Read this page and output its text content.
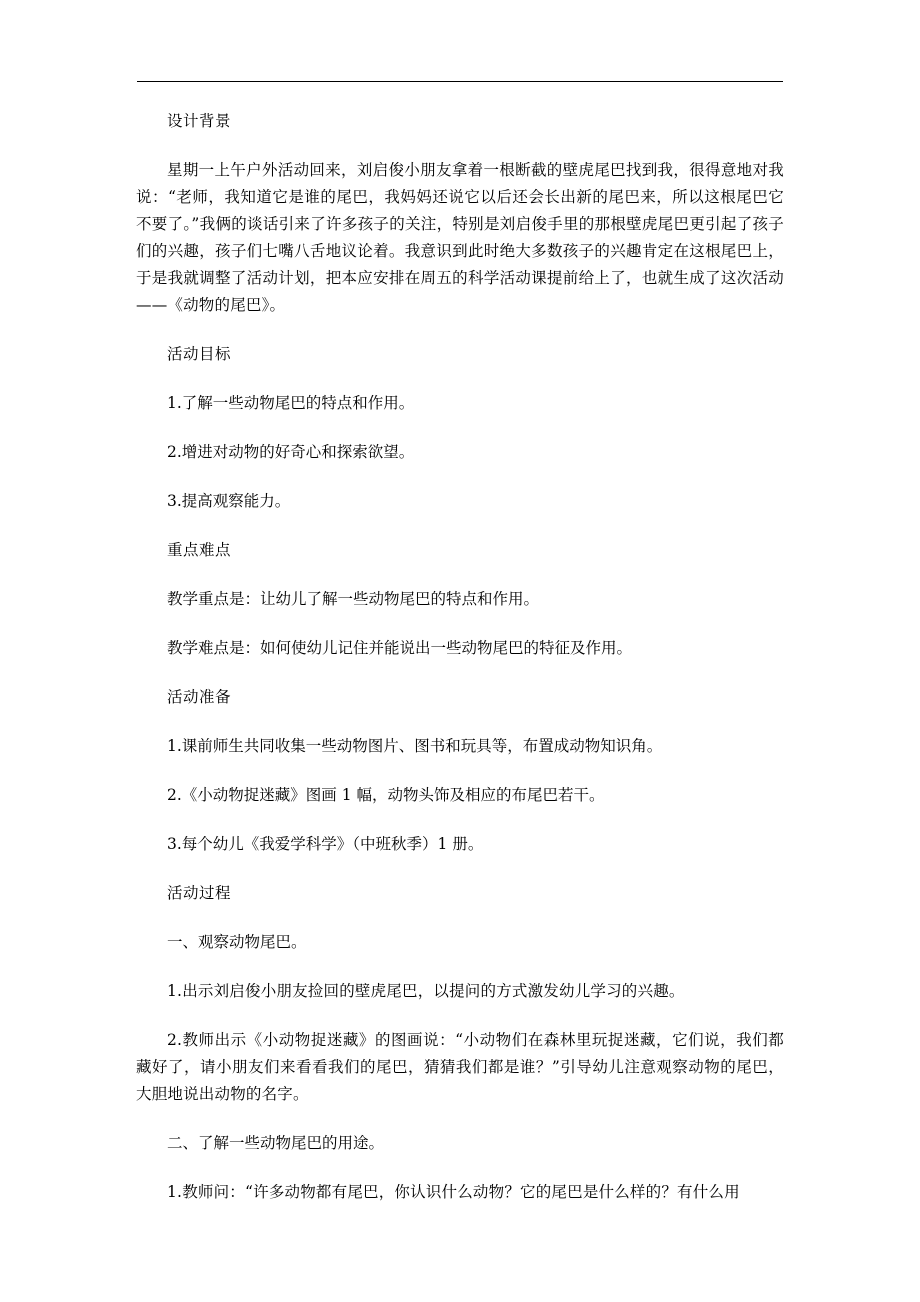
设计背景

星期一上午户外活动回来，刘启俊小朋友拿着一根断截的壁虎尾巴找到我，很得意地对我说：“老师，我知道它是谁的尾巴，我妈妈还说它以后还会长出新的尾巴来，所以这根尾巴它不要了。”我俩的谈话引来了许多孩子的关注，特别是刘启俊手里的那根壁虎尾巴更引起了孩子们的兴趣，孩子们七嘴八舌地议论着。我意识到此时绝大多数孩子的兴趣肯定在这根尾巴上，于是我就调整了活动计划，把本应安排在周五的科学活动课提前给上了，也就生成了这次活动——《动物的尾巴》。

活动目标

1.了解一些动物尾巴的特点和作用。

2.增进对动物的好奇心和探索欲望。

3.提高观察能力。

重点难点

教学重点是：让幼儿了解一些动物尾巴的特点和作用。

教学难点是：如何使幼儿记住并能说出一些动物尾巴的特征及作用。

活动准备

1.课前师生共同收集一些动物图片、图书和玩具等，布置成动物知识角。

2.《小动物捉迷藏》图画 1 幅，动物头饰及相应的布尾巴若干。

3.每个幼儿《我爱学科学》（中班秋季）1 册。

活动过程

一、观察动物尾巴。

1.出示刘启俊小朋友捡回的壁虎尾巴，以提问的方式激发幼儿学习的兴趣。

2.教师出示《小动物捉迷藏》的图画说：“小动物们在森林里玩捉迷藏，它们说，我们都藏好了，请小朋友们来看看我们的尾巴，猜猜我们都是谁？”引导幼儿注意观察动物的尾巴，大胆地说出动物的名字。

二、了解一些动物尾巴的用途。

1.教师问：“许多动物都有尾巴，你认识什么动物？它的尾巴是什么样的？有什么用
